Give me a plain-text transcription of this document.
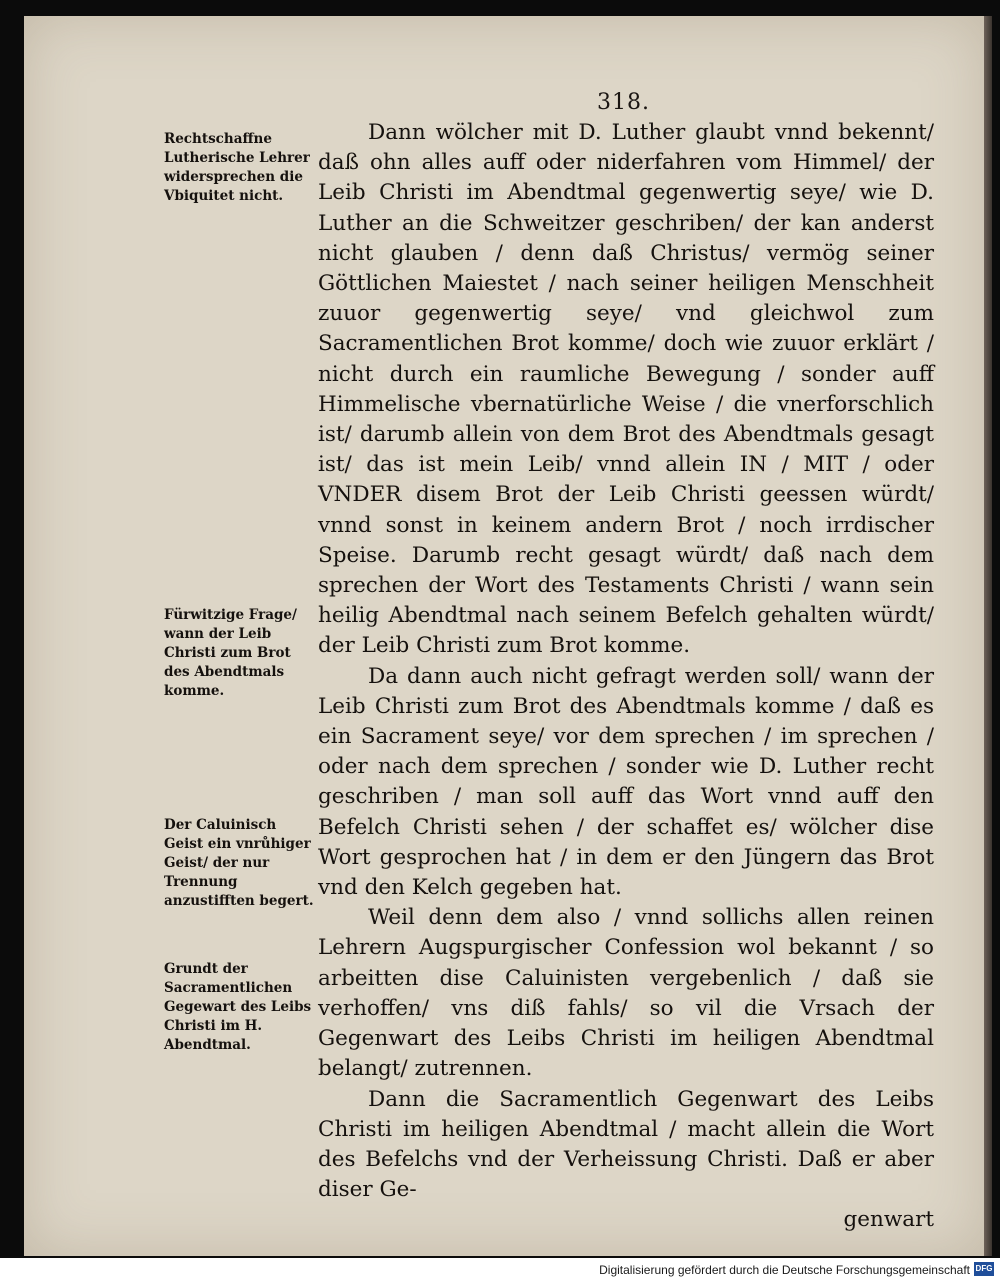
318.
Rechtschaffne Lutherische Lehrer widersprechen die Vbiquitet nicht.
Fürwitzige Frage/ wann der Leib Christi zum Brot des Abendtmals komme.
Der Caluinisch Geist ein vnrůhiger Geist/ der nur Trennung anzustifften begert.
Grundt der Sacramentlichen Gegewart des Leibs Christi im H. Abendtmal.

Dann wölcher mit D. Luther glaubt vnnd bekennt/ daß ohn alles auff oder niderfahren vom Himmel/ der Leib Christi im Abendtmal gegenwertig seye/ wie D. Luther an die Schweitzer geschriben/ der kan anderst nicht glauben / denn daß Christus/ vermög seiner Göttlichen Maiestet / nach seiner heiligen Menschheit zuuor gegenwertig seye/ vnd gleichwol zum Sacramentlichen Brot komme/ doch wie zuuor erklärt / nicht durch ein raumliche Bewegung / sonder auff Himmelische vbernatürliche Weise / die vnerforschlich ist/ darumb allein von dem Brot des Abendtmals gesagt ist/ das ist mein Leib/ vnnd allein IN / MIT / oder VNDER disem Brot der Leib Christi geessen würdt/ vnnd sonst in keinem andern Brot / noch irrdischer Speise. Darumb recht gesagt würdt/ daß nach dem sprechen der Wort des Testaments Christi / wann sein heilig Abendtmal nach seinem Befelch gehalten würdt/ der Leib Christi zum Brot komme.

Da dann auch nicht gefragt werden soll/ wann der Leib Christi zum Brot des Abendtmals komme / daß es ein Sacrament seye/ vor dem sprechen / im sprechen / oder nach dem sprechen / sonder wie D. Luther recht geschriben / man soll auff das Wort vnnd auff den Befelch Christi sehen / der schaffet es/ wölcher dise Wort gesprochen hat / in dem er den Jüngern das Brot vnd den Kelch gegeben hat.

Weil denn dem also / vnnd sollichs allen reinen Lehrern Augspurgischer Confession wol bekannt / so arbeitten dise Caluinisten vergebenlich / daß sie verhoffen/ vns diß fahls/ so vil die Vrsach der Gegenwart des Leibs Christi im heiligen Abendtmal belangt/ zutrennen.

Dann die Sacramentlich Gegenwart des Leibs Christi im heiligen Abendtmal / macht allein die Wort des Befelchs vnd der Verheissung Christi. Daß er aber diser Ge-

genwart

Digitalisierung gefördert durch die Deutsche Forschungsgemeinschaft DFG
